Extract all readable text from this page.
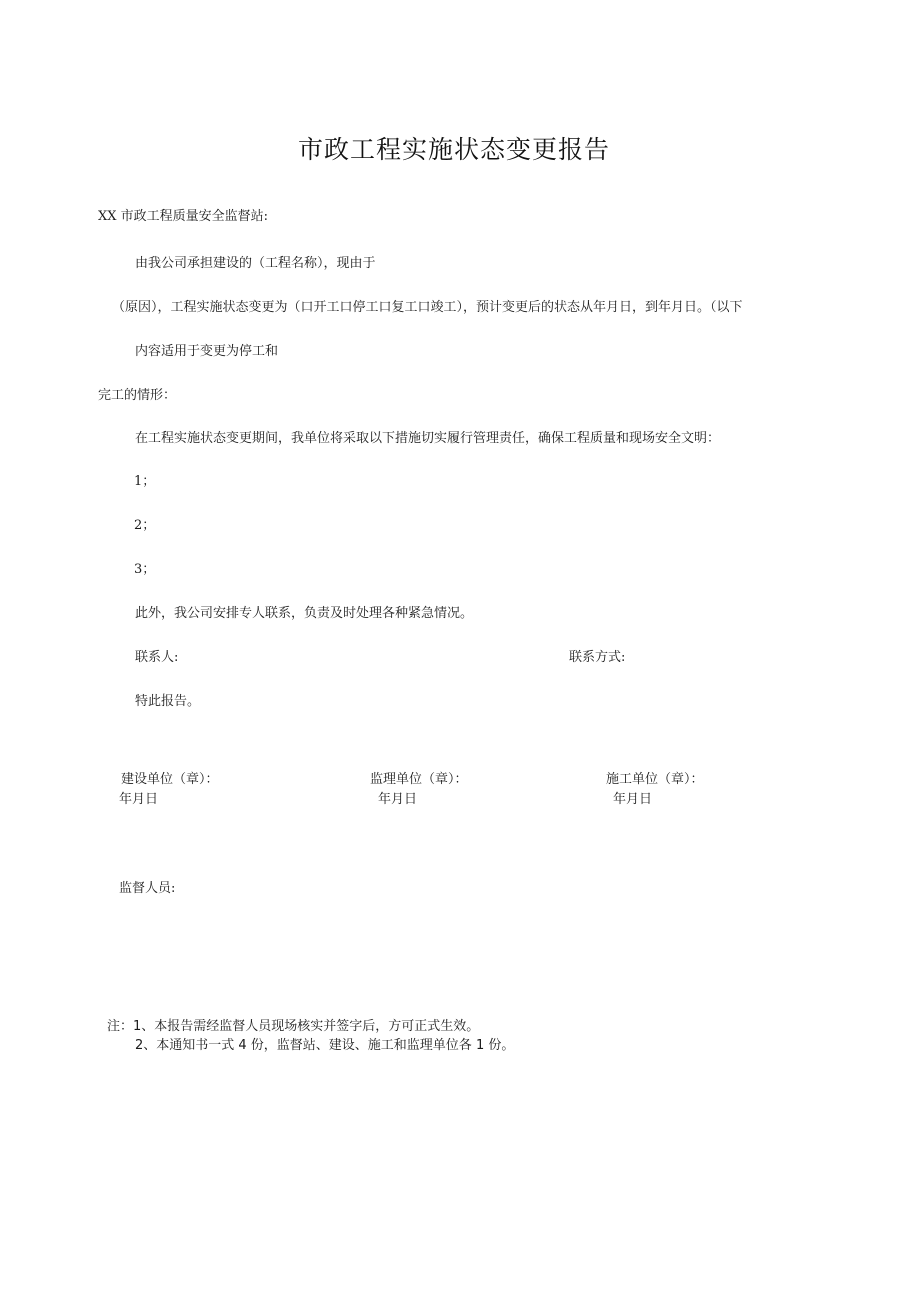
市政工程实施状态变更报告
XX 市政工程质量安全监督站:
由我公司承担建设的（工程名称），现由于
（原因），工程实施状态变更为（口开工口停工口复工口竣工），预计变更后的状态从年月日，到年月日。（以下
内容适用于变更为停工和
完工的情形：
在工程实施状态变更期间，我单位将采取以下措施切实履行管理责任，确保工程质量和现场安全文明：
1；
2；
3；
此外，我公司安排专人联系，负责及时处理各种紧急情况。
联系人:	联系方式:
特此报告。
建设单位（章）：
年月日
监理单位（章）：
年月日
施工单位（章）：
年月日
监督人员:
注：1、本报告需经监督人员现场核实并签字后，方可正式生效。
2、本通知书一式 4 份，监督站、建设、施工和监理单位各 1 份。
